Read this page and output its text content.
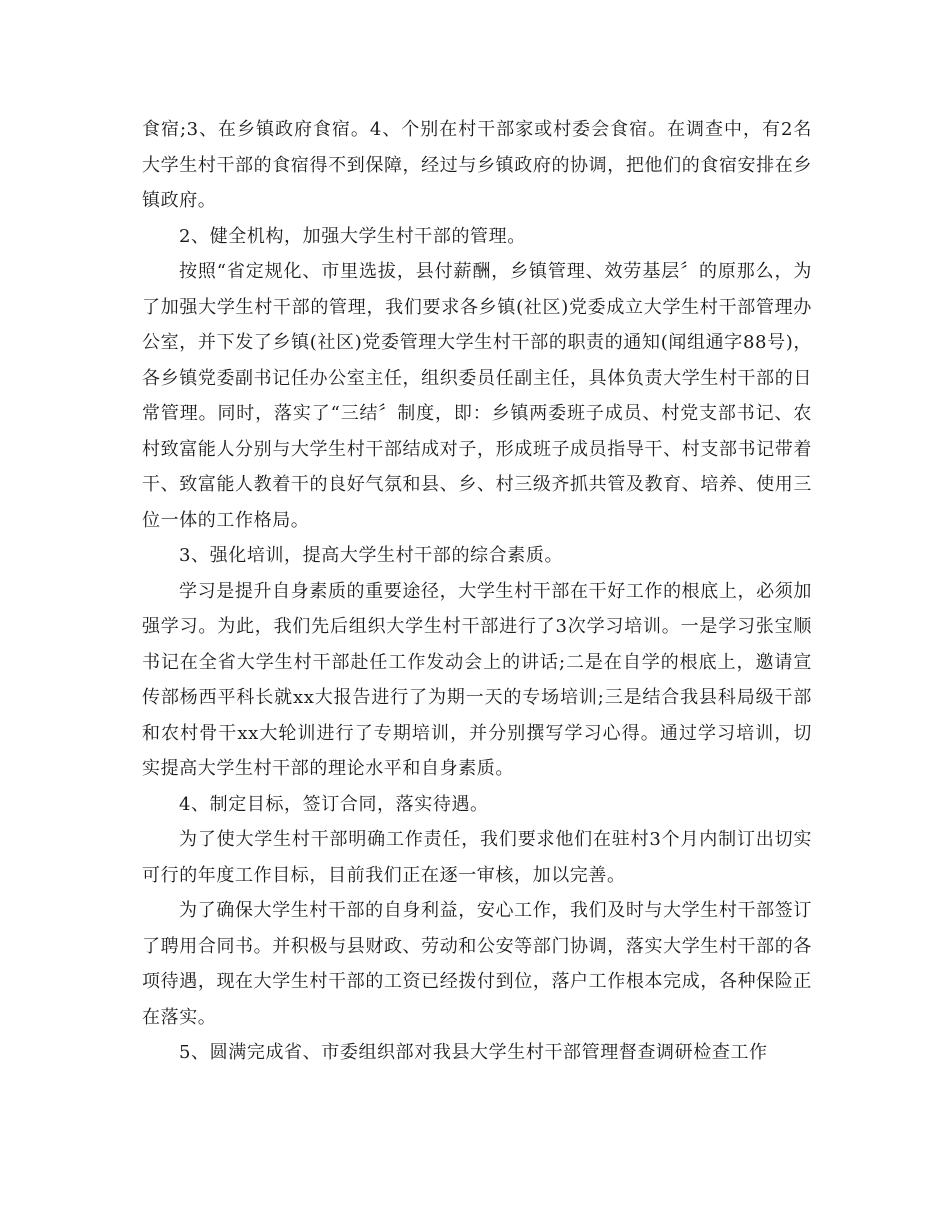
食宿;3、在乡镇政府食宿。4、个别在村干部家或村委会食宿。在调查中，有2名大学生村干部的食宿得不到保障，经过与乡镇政府的协调，把他们的食宿安排在乡镇政府。

2、健全机构，加强大学生村干部的管理。

按照“省定规化、市里选拔，县付薪酬，乡镇管理、效劳基层〞的原那么，为了加强大学生村干部的管理，我们要求各乡镇(社区)党委成立大学生村干部管理办公室，并下发了乡镇(社区)党委管理大学生村干部的职责的通知(闻组通字88号)，各乡镇党委副书记任办公室主任，组织委员任副主任，具体负责大学生村干部的日常管理。同时，落实了“三结〞制度，即：乡镇两委班子成员、村党支部书记、农村致富能人分别与大学生村干部结成对子，形成班子成员指导干、村支部书记带着干、致富能人教着干的良好气氛和县、乡、村三级齐抓共管及教育、培养、使用三位一体的工作格局。

3、强化培训，提高大学生村干部的综合素质。

学习是提升自身素质的重要途径，大学生村干部在干好工作的根底上，必须加强学习。为此，我们先后组织大学生村干部进行了3次学习培训。一是学习张宝顺书记在全省大学生村干部赴任工作发动会上的讲话;二是在自学的根底上，邀请宣传部杨西平科长就xx大报告进行了为期一天的专场培训;三是结合我县科局级干部和农村骨干xx大轮训进行了专期培训，并分别撰写学习心得。通过学习培训，切实提高大学生村干部的理论水平和自身素质。

4、制定目标，签订合同，落实待遇。

为了使大学生村干部明确工作责任，我们要求他们在驻村3个月内制订出切实可行的年度工作目标，目前我们正在逐一审核，加以完善。

为了确保大学生村干部的自身利益，安心工作，我们及时与大学生村干部签订了聘用合同书。并积极与县财政、劳动和公安等部门协调，落实大学生村干部的各项待遇，现在大学生村干部的工资已经拨付到位，落户工作根本完成，各种保险正在落实。

5、圆满完成省、市委组织部对我县大学生村干部管理督查调研检查工作
